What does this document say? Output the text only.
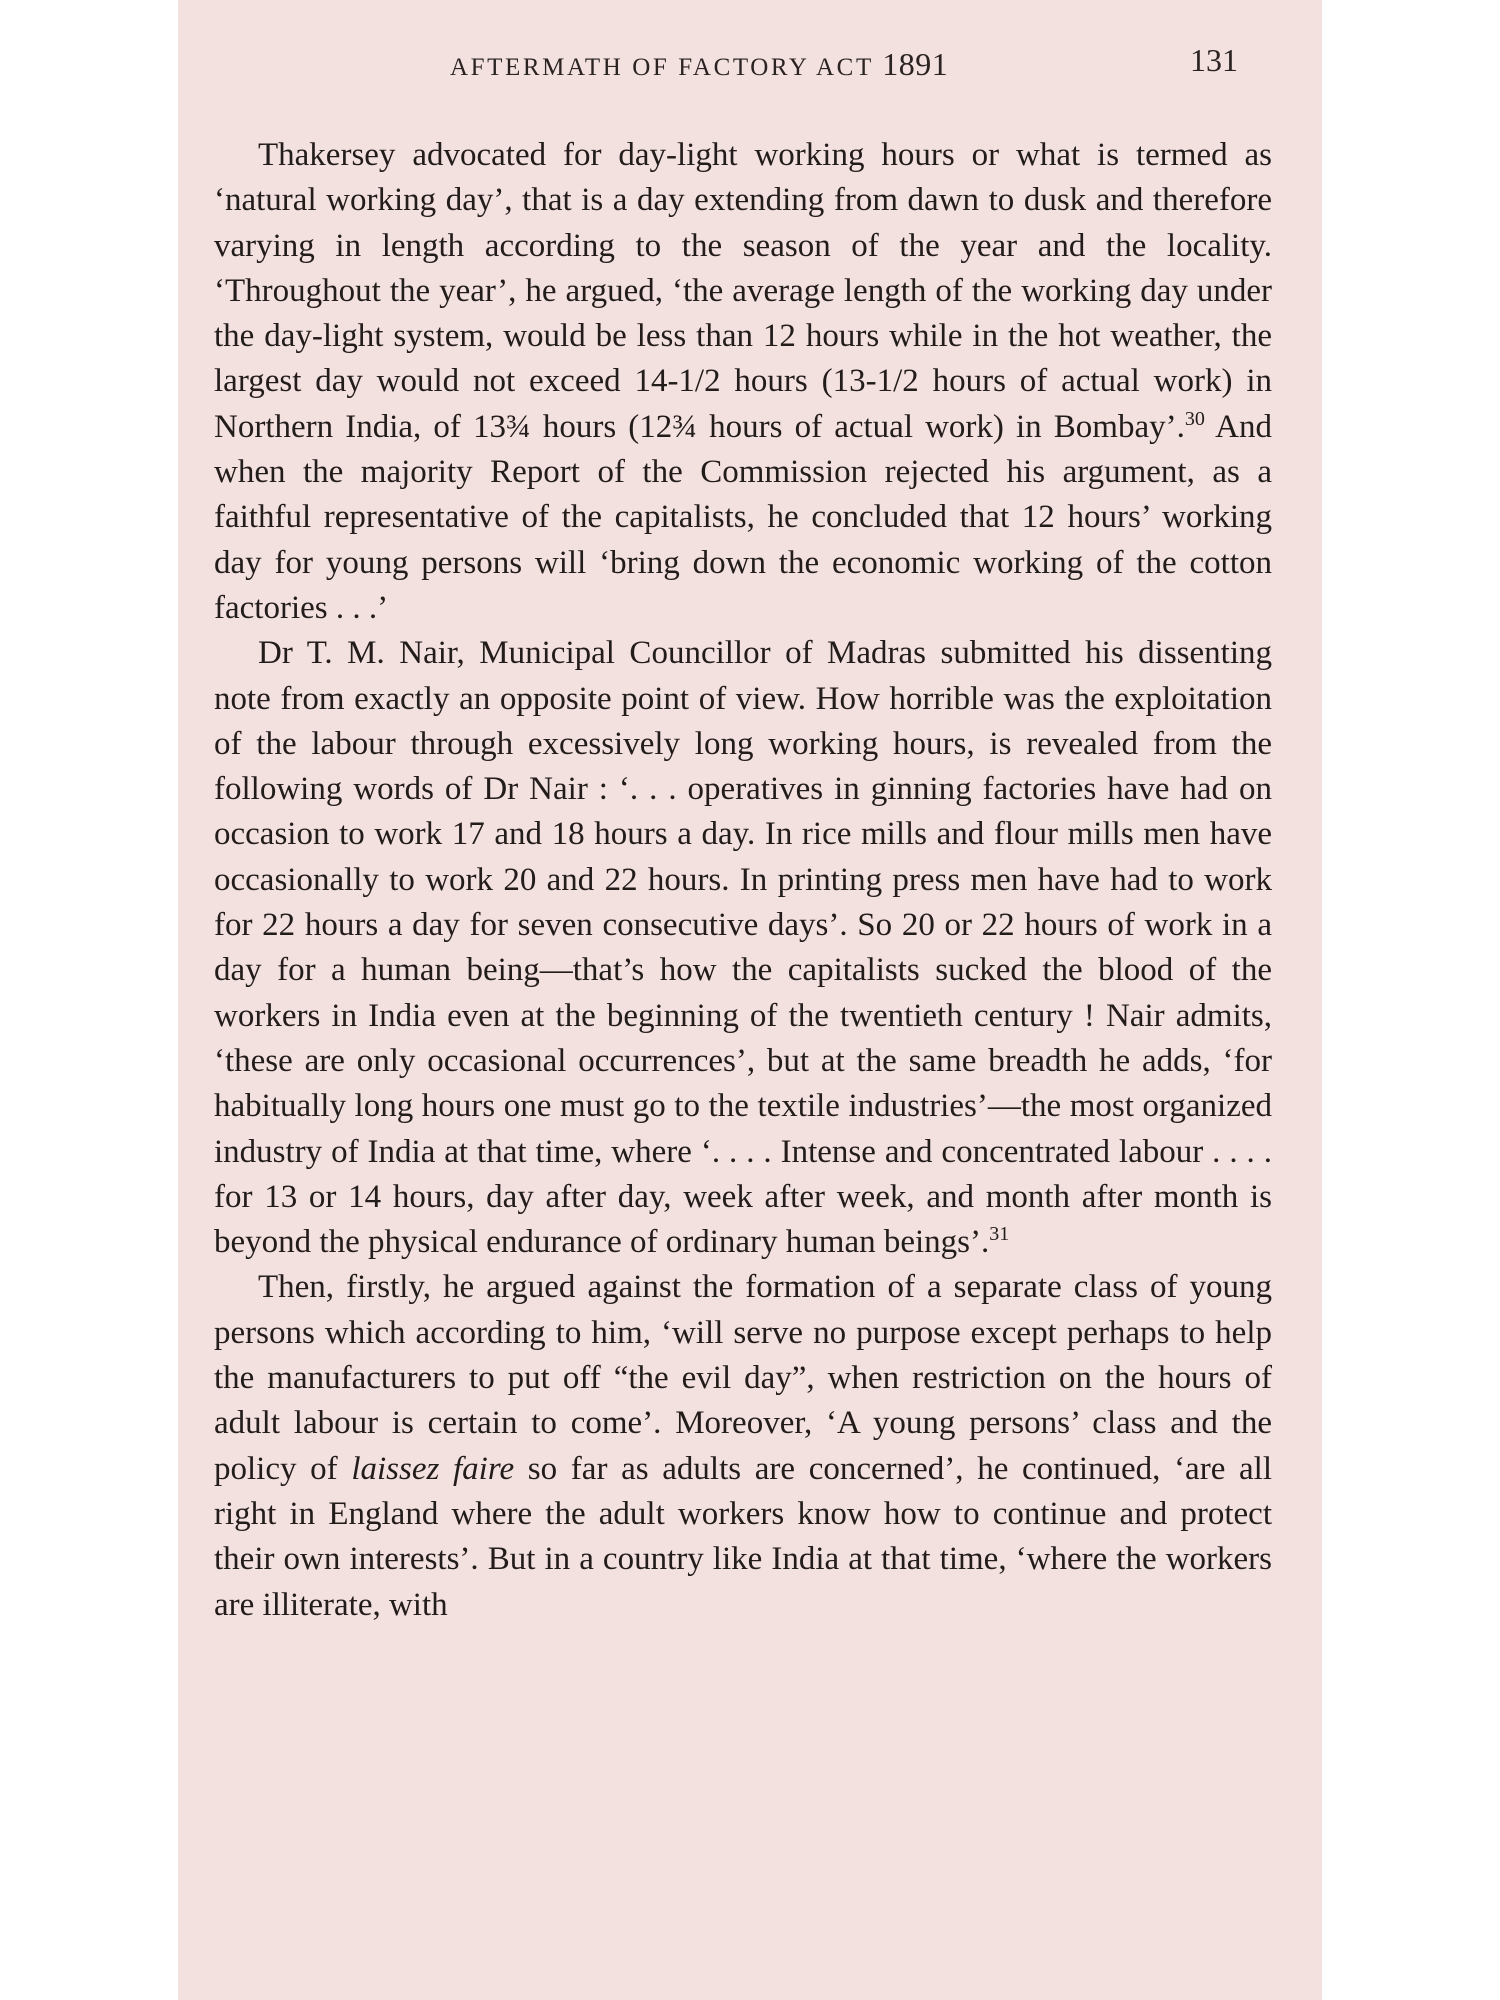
AFTERMATH OF FACTORY ACT 1891	131

Thakersey advocated for day-light working hours or what is termed as ‘natural working day’, that is a day extending from dawn to dusk and therefore varying in length according to the season of the year and the locality. ‘Throughout the year’, he argued, ‘the average length of the working day under the day-light system, would be less than 12 hours while in the hot weather, the largest day would not exceed 14-1/2 hours (13-1/2 hours of actual work) in Northern India, of 13¾ hours (12¾ hours of actual work) in Bombay’.$^{30}$ And when the majority Report of the Commission rejected his argument, as a faithful representative of the capitalists, he concluded that 12 hours’ working day for young persons will ‘bring down the economic working of the cotton factories . . .’

Dr T. M. Nair, Municipal Councillor of Madras submitted his dissenting note from exactly an opposite point of view. How horrible was the exploitation of the labour through excessively long working hours, is revealed from the following words of Dr Nair : ‘. . . operatives in ginning factories have had on occasion to work 17 and 18 hours a day. In rice mills and flour mills men have occasionally to work 20 and 22 hours. In printing press men have had to work for 22 hours a day for seven consecutive days’. So 20 or 22 hours of work in a day for a human being—that’s how the capitalists sucked the blood of the workers in India even at the beginning of the twentieth century ! Nair admits, ‘these are only occasional occurrences’, but at the same breadth he adds, ‘for habitually long hours one must go to the textile industries’—the most organized industry of India at that time, where ‘. . . . Intense and concentrated labour . . . . for 13 or 14 hours, day after day, week after week, and month after month is beyond the physical endurance of ordinary human beings’.$^{31}$

Then, firstly, he argued against the formation of a separate class of young persons which according to him, ‘will serve no purpose except perhaps to help the manufacturers to put off “the evil day”, when restriction on the hours of adult labour is certain to come’. Moreover, ‘A young persons’ class and the policy of laissez faire so far as adults are concerned’, he continued, ‘are all right in England where the adult workers know how to continue and protect their own interests’. But in a country like India at that time, ‘where the workers are illiterate, with
